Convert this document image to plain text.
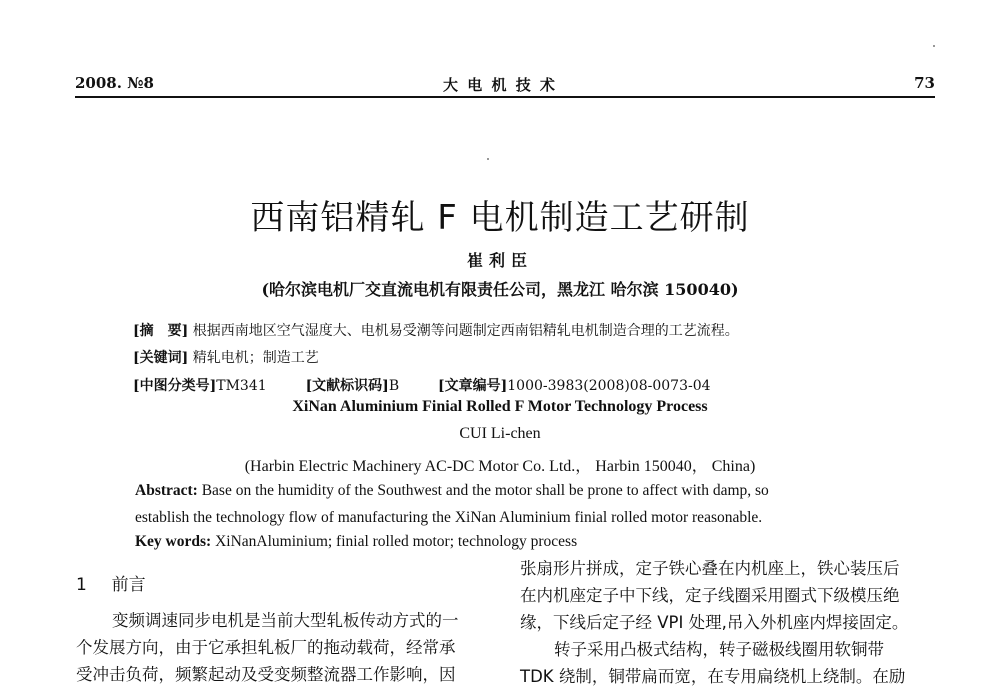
2008. №8	大 电 机 技 术	73
西南铝精轧 F 电机制造工艺研制
崔利臣
(哈尔滨电机厂交直流电机有限责任公司，黑龙江 哈尔滨 150040)
[摘　要] 根据西南地区空气湿度大、电机易受潮等问题制定西南铝精轧电机制造合理的工艺流程。
[关键词] 精轧电机；制造工艺
[中图分类号]TM341	[文献标识码]B	[文章编号]1000-3983(2008)08-0073-04
XiNan Aluminium Finial Rolled F Motor Technology Process
CUI Li-chen
(Harbin Electric Machinery AC-DC Motor Co. Ltd.， Harbin 150040， China)
Abstract: Base on the humidity of the Southwest and the motor shall be prone to affect with damp, so
establish the technology flow of manufacturing the XiNan Aluminium finial rolled motor reasonable.
Key words: XiNanAluminium; finial rolled motor; technology process
1 前言
变频调速同步电机是当前大型轧板传动方式的一
个发展方向，由于它承担轧板厂的拖动载荷，经常承
受冲击负荷，频繁起动及受变频整流器工作影响，因
张扇形片拼成，定子铁心叠在内机座上，铁心装压后
在内机座定子中下线，定子线圈采用圈式下级模压绝
缘，下线后定子经 VPI 处理,吊入外机座内焊接固定。
转子采用凸极式结构，转子磁极线圈用软铜带
TDK 绕制，铜带扁而宽，在专用扁绕机上绕制。在励
